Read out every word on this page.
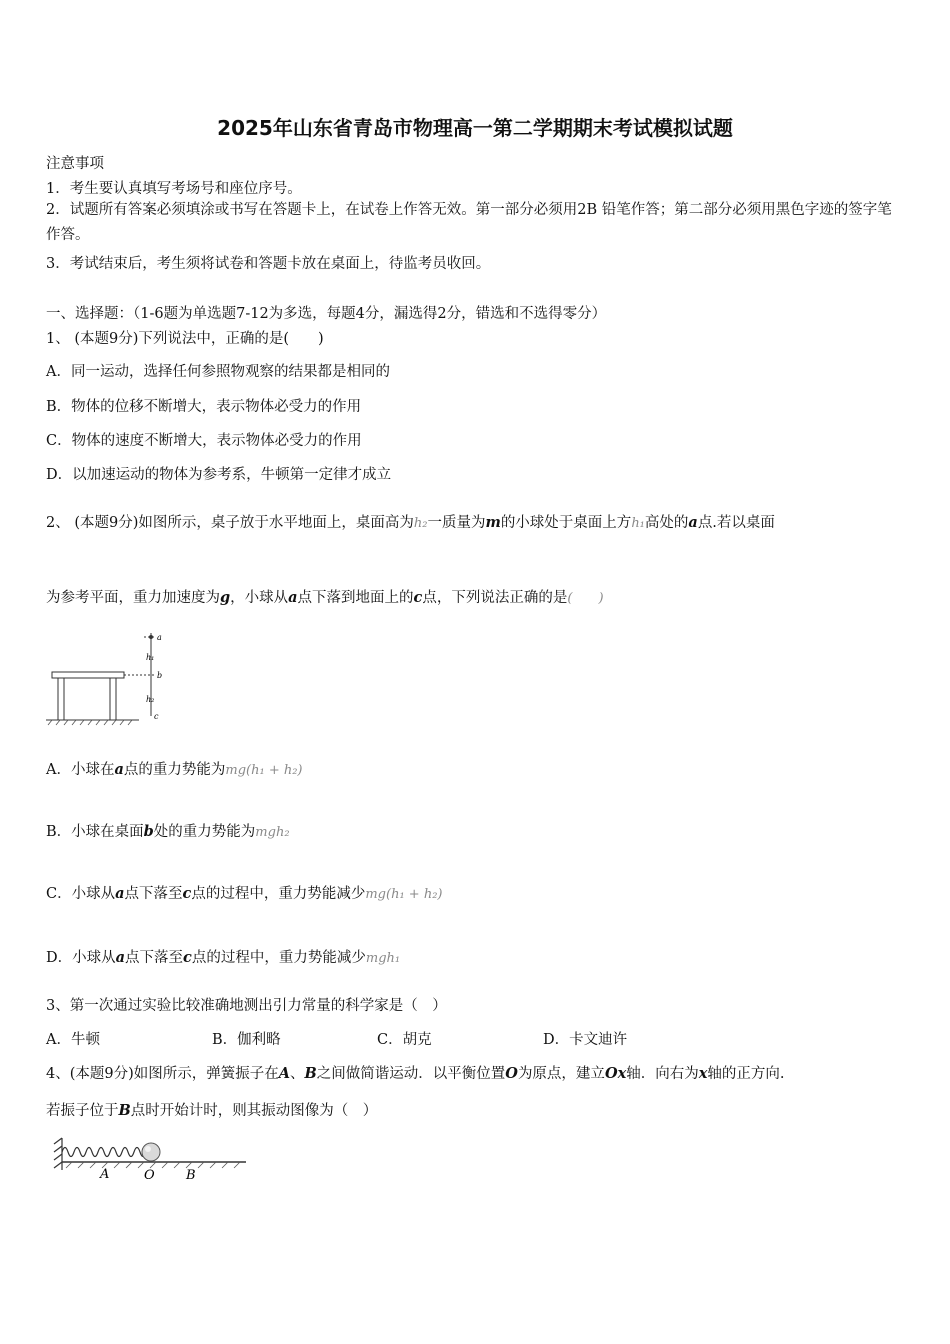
2025年山东省青岛市物理高一第二学期期末考试模拟试题
注意事项
1．考生要认真填写考场号和座位序号。
2．试题所有答案必须填涂或书写在答题卡上，在试卷上作答无效。第一部分必须用2B 铅笔作答；第二部分必须用黑色字迹的签字笔作答。
3．考试结束后，考生须将试卷和答题卡放在桌面上，待监考员收回。
一、选择题：（1-6题为单选题7-12为多选，每题4分，漏选得2分，错选和不选得零分）
1、 (本题9分)下列说法中，正确的是(　　)
A．同一运动，选择任何参照物观察的结果都是相同的
B．物体的位移不断增大，表示物体必受力的作用
C．物体的速度不断增大，表示物体必受力的作用
D．以加速运动的物体为参考系，牛顿第一定律才成立
2、 (本题9分)如图所示，桌子放于水平地面上，桌面高为h₂一质量为m的小球处于桌面上方h₁高处的a点.若以桌面
为参考平面，重力加速度为g，小球从a点下落到地面上的c点，下列说法正确的是(　　)
a
h₁
b
h₂
c
A．小球在a点的重力势能为mg(h₁ + h₂)
B．小球在桌面b处的重力势能为mgh₂
C．小球从a点下落至c点的过程中，重力势能减少mg(h₁ + h₂)
D．小球从a点下落至c点的过程中，重力势能减少mgh₁
3、第一次通过实验比较准确地测出引力常量的科学家是（　）
A．牛顿	B．伽利略	C．胡克	D．卡文迪许
4、(本题9分)如图所示，弹簧振子在A、B之间做简谐运动．以平衡位置O为原点，建立Ox轴．向右为x轴的正方向.
若振子位于B点时开始计时，则其振动图像为（　）
A	O B
